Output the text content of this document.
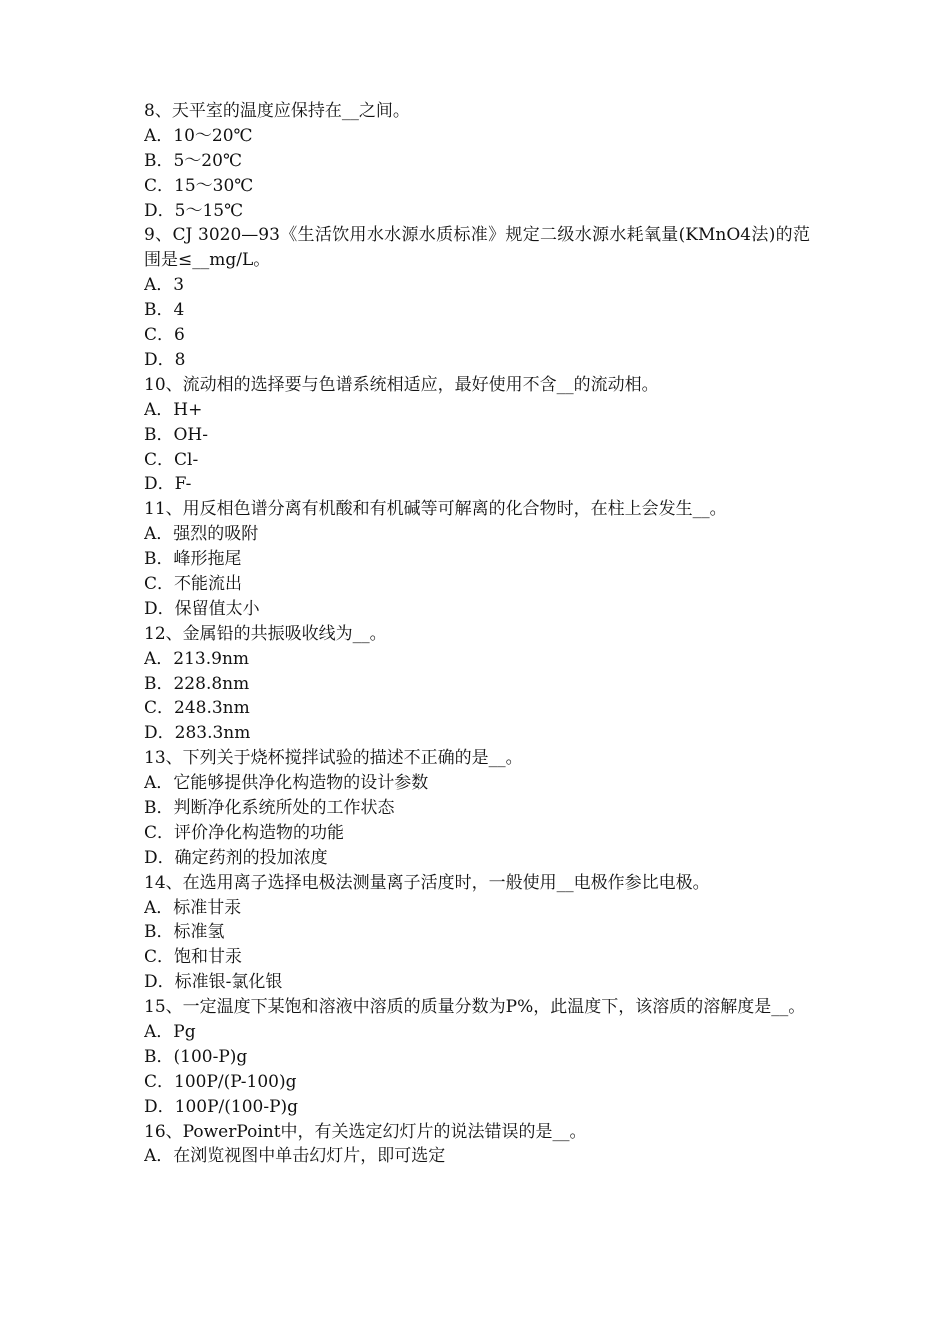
8、天平室的温度应保持在__之间。
A．10～20℃
B．5～20℃
C．15～30℃
D．5～15℃
9、CJ 3020—93《生活饮用水水源水质标准》规定二级水源水耗氧量(KMnO4法)的范围是≤__mg/L。
A．3
B．4
C．6
D．8
10、流动相的选择要与色谱系统相适应，最好使用不含__的流动相。
A．H+
B．OH-
C．Cl-
D．F-
11、用反相色谱分离有机酸和有机碱等可解离的化合物时，在柱上会发生__。
A．强烈的吸附
B．峰形拖尾
C．不能流出
D．保留值太小
12、金属铅的共振吸收线为__。
A．213.9nm
B．228.8nm
C．248.3nm
D．283.3nm
13、下列关于烧杯搅拌试验的描述不正确的是__。
A．它能够提供净化构造物的设计参数
B．判断净化系统所处的工作状态
C．评价净化构造物的功能
D．确定药剂的投加浓度
14、在选用离子选择电极法测量离子活度时，一般使用__电极作参比电极。
A．标准甘汞
B．标准氢
C．饱和甘汞
D．标准银-氯化银
15、一定温度下某饱和溶液中溶质的质量分数为P%，此温度下，该溶质的溶解度是__。
A．Pg
B．(100-P)g
C．100P/(P-100)g
D．100P/(100-P)g
16、PowerPoint中，有关选定幻灯片的说法错误的是__。
A．在浏览视图中单击幻灯片，即可选定
